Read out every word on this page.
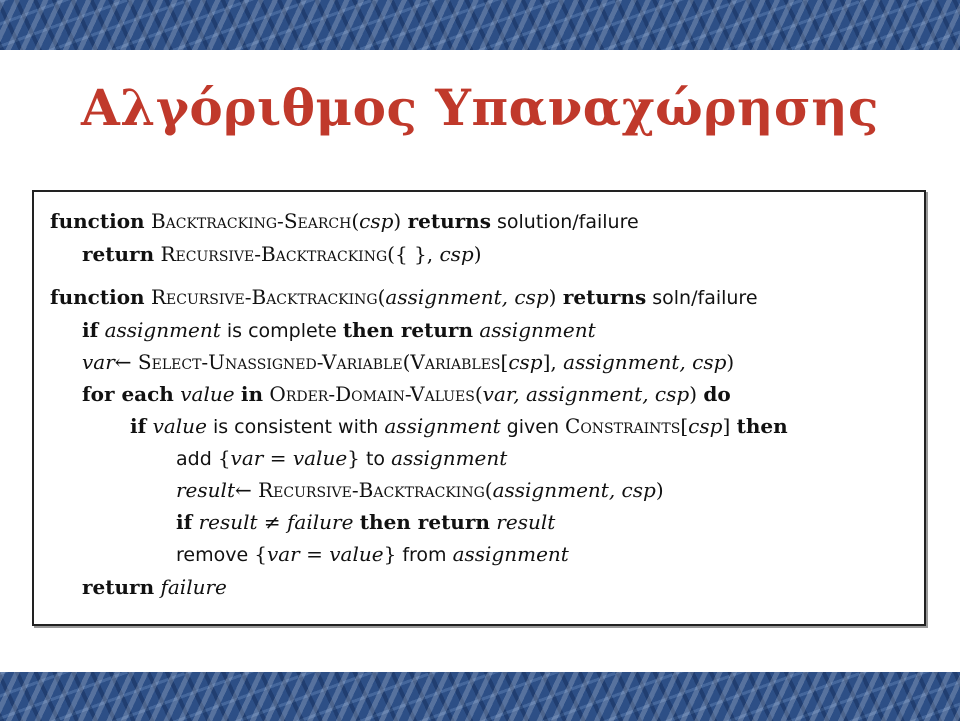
Αλγόριθμος Υπαναχώρησης
function Backtracking-Search(csp) returns solution/failure
return Recursive-Backtracking({ }, csp)
function Recursive-Backtracking(assignment, csp) returns soln/failure
if assignment is complete then return assignment
var← Select-Unassigned-Variable(Variables[csp], assignment, csp)
for each value in Order-Domain-Values(var, assignment, csp) do
if value is consistent with assignment given Constraints[csp] then
add {var = value} to assignment
result← Recursive-Backtracking(assignment, csp)
if result ≠ failure then return result
remove {var = value} from assignment
return failure
